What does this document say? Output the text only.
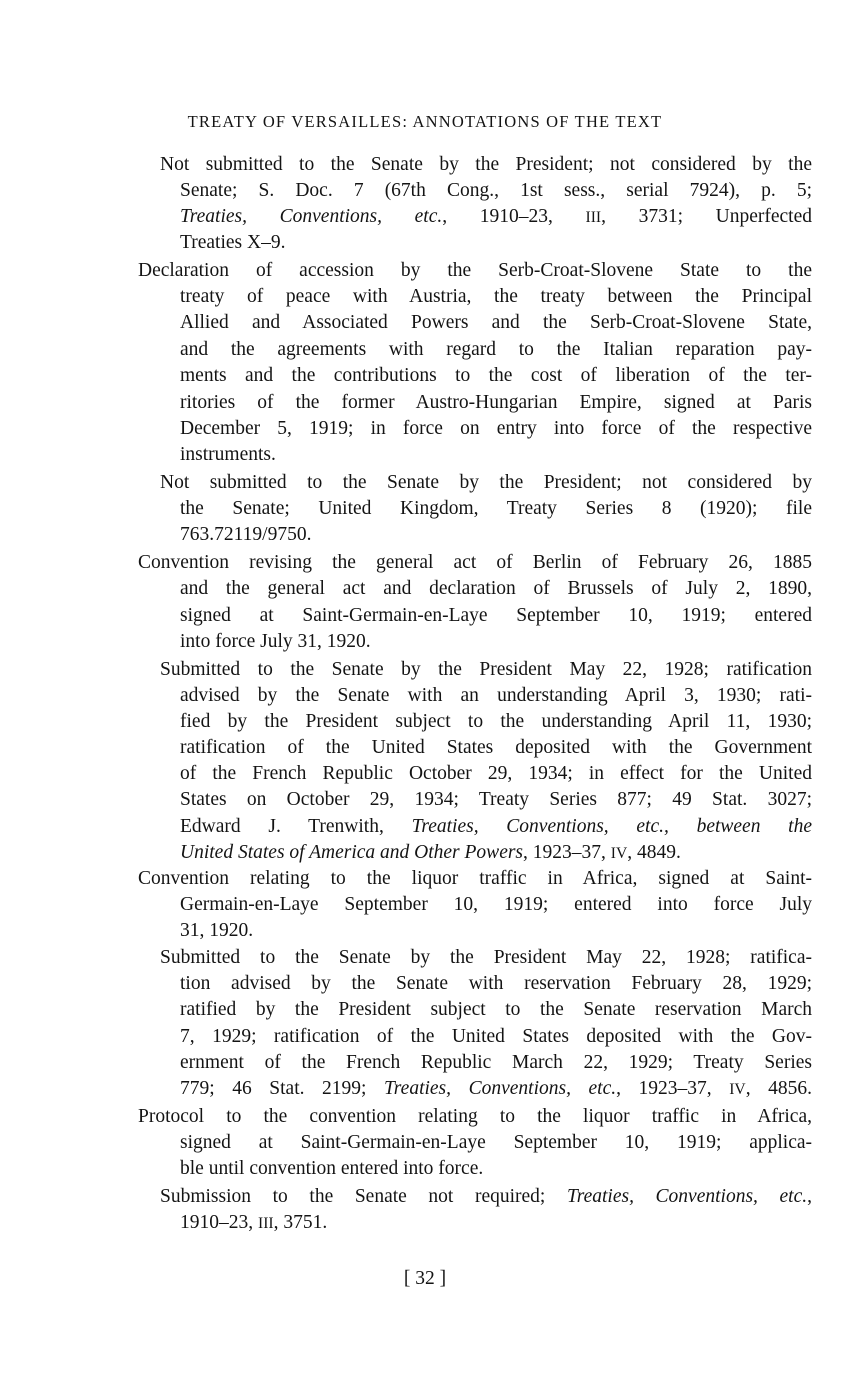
TREATY OF VERSAILLES: ANNOTATIONS OF THE TEXT
Not submitted to the Senate by the President; not considered by the
Senate; S. Doc. 7 (67th Cong., 1st sess., serial 7924), p. 5;
Treaties, Conventions, etc., 1910–23, III, 3731; Unperfected
Treaties X–9.
Declaration of accession by the Serb-Croat-Slovene State to the
treaty of peace with Austria, the treaty between the Principal
Allied and Associated Powers and the Serb-Croat-Slovene State,
and the agreements with regard to the Italian reparation pay-
ments and the contributions to the cost of liberation of the ter-
ritories of the former Austro-Hungarian Empire, signed at Paris
December 5, 1919; in force on entry into force of the respective
instruments.
Not submitted to the Senate by the President; not considered by
the Senate; United Kingdom, Treaty Series 8 (1920); file
763.72119/9750.
Convention revising the general act of Berlin of February 26, 1885
and the general act and declaration of Brussels of July 2, 1890,
signed at Saint-Germain-en-Laye September 10, 1919; entered
into force July 31, 1920.
Submitted to the Senate by the President May 22, 1928; ratification
advised by the Senate with an understanding April 3, 1930; rati-
fied by the President subject to the understanding April 11, 1930;
ratification of the United States deposited with the Government
of the French Republic October 29, 1934; in effect for the United
States on October 29, 1934; Treaty Series 877; 49 Stat. 3027;
Edward J. Trenwith, Treaties, Conventions, etc., between the
United States of America and Other Powers, 1923–37, IV, 4849.
Convention relating to the liquor traffic in Africa, signed at Saint-
Germain-en-Laye September 10, 1919; entered into force July
31, 1920.
Submitted to the Senate by the President May 22, 1928; ratifica-
tion advised by the Senate with reservation February 28, 1929;
ratified by the President subject to the Senate reservation March
7, 1929; ratification of the United States deposited with the Gov-
ernment of the French Republic March 22, 1929; Treaty Series
779; 46 Stat. 2199; Treaties, Conventions, etc., 1923–37, IV, 4856.
Protocol to the convention relating to the liquor traffic in Africa,
signed at Saint-Germain-en-Laye September 10, 1919; applica-
ble until convention entered into force.
Submission to the Senate not required; Treaties, Conventions, etc.,
1910–23, III, 3751.
[ 32 ]
